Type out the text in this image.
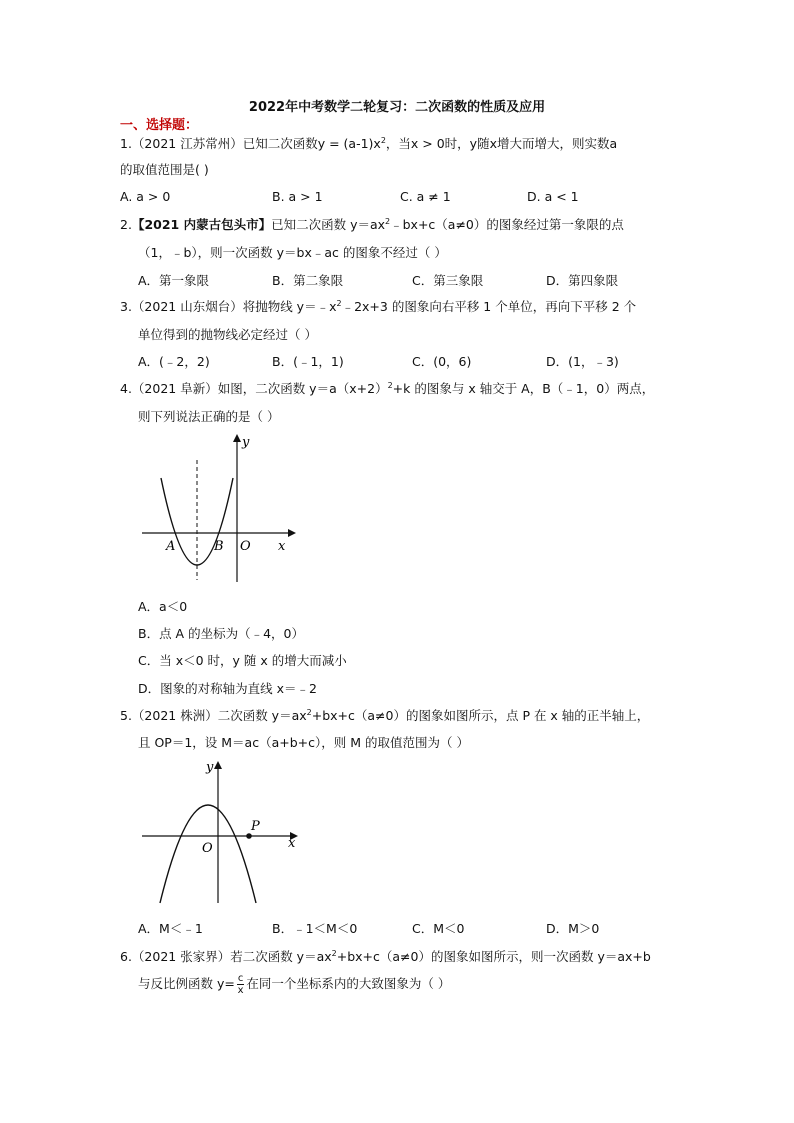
2022年中考数学二轮复习：二次函数的性质及应用
一、选择题：
1.（2021 江苏常州）已知二次函数$y = (a-1)x^2$，当x > 0时，y随x增大而增大，则实数a
的取值范围是( )
A. a > 0	B. a > 1	C. a ≠ 1	D. a < 1
2.【2021 内蒙古包头市】已知二次函数 $y=ax^2﹣bx+c(a\ne 0)$的图象经过第一象限的点
（1，﹣b），则一次函数 y＝bx﹣ac 的图象不经过（ ）
A．第一象限	B．第二象限	C．第三象限	D．第四象限
3.（2021 山东烟台）将抛物线 $y=﹣x^2﹣2x+3$ 的图象向右平移 1 个单位，再向下平移 2 个
单位得到的抛物线必定经过（ ）
A．(﹣2，2)	B．(﹣1，1)	C．(0，6)	D．(1，﹣3)
4.（2021 阜新）如图，二次函数 $y=a(x+2)^2+k$ 的图象与 x 轴交于 A，B（﹣1，0）两点，
则下列说法正确的是（ ）
y
x
A	B O
A．a＜0
B．点 A 的坐标为（﹣4，0）
C．当 x＜0 时，y 随 x 的增大而减小
D．图象的对称轴为直线 x＝﹣2
5.（2021 株洲）二次函数 $y=ax^2+bx+c(a\ne 0)$的图象如图所示，点 P 在 x 轴的正半轴上，
且 OP＝1，设 M＝ac（a+b+c），则 M 的取值范围为（ ）
y
x
O
P
A．M＜﹣1	B．﹣1＜M＜0	C．M＜0	D．M＞0
6.（2021 张家界）若二次函数 $y=ax^2+bx+c(a\ne 0)$的图象如图所示，则一次函数 y＝ax+b
与反比例函数 $y= \frac{c}{x}$ 在同一个坐标系内的大致图象为（ ）
